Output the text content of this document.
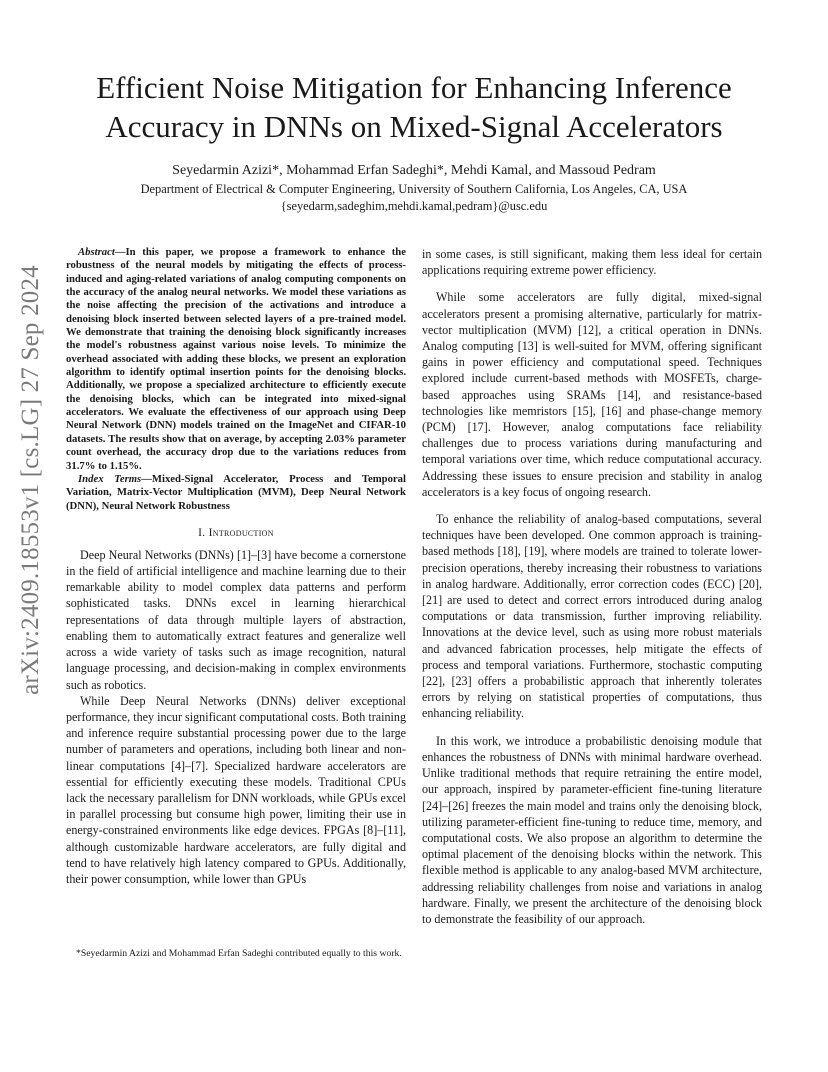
arXiv:2409.18553v1 [cs.LG] 27 Sep 2024
Efficient Noise Mitigation for Enhancing Inference
Accuracy in DNNs on Mixed-Signal Accelerators
Seyedarmin Azizi*, Mohammad Erfan Sadeghi*, Mehdi Kamal, and Massoud Pedram
Department of Electrical & Computer Engineering, University of Southern California, Los Angeles, CA, USA
{seyedarm,sadeghim,mehdi.kamal,pedram}@usc.edu

Abstract—In this paper, we propose a framework to enhance the robustness of the neural models by mitigating the effects of process-induced and aging-related variations of analog computing components on the accuracy of the analog neural networks. We model these variations as the noise affecting the precision of the activations and introduce a denoising block inserted between selected layers of a pre-trained model. We demonstrate that training the denoising block significantly increases the model's robustness against various noise levels. To minimize the overhead associated with adding these blocks, we present an exploration algorithm to identify optimal insertion points for the denoising blocks. Additionally, we propose a specialized architecture to efficiently execute the denoising blocks, which can be integrated into mixed-signal accelerators. We evaluate the effectiveness of our approach using Deep Neural Network (DNN) models trained on the ImageNet and CIFAR-10 datasets. The results show that on average, by accepting 2.03% parameter count overhead, the accuracy drop due to the variations reduces from 31.7% to 1.15%.

Index Terms—Mixed-Signal Accelerator, Process and Temporal Variation, Matrix-Vector Multiplication (MVM), Deep Neural Network (DNN), Neural Network Robustness

I. Introduction

Deep Neural Networks (DNNs) [1]–[3] have become a cornerstone in the field of artificial intelligence and machine learning due to their remarkable ability to model complex data patterns and perform sophisticated tasks. DNNs excel in learning hierarchical representations of data through multiple layers of abstraction, enabling them to automatically extract features and generalize well across a wide variety of tasks such as image recognition, natural language processing, and decision-making in complex environments such as robotics.

While Deep Neural Networks (DNNs) deliver exceptional performance, they incur significant computational costs. Both training and inference require substantial processing power due to the large number of parameters and operations, including both linear and non-linear computations [4]–[7]. Specialized hardware accelerators are essential for efficiently executing these models. Traditional CPUs lack the necessary parallelism for DNN workloads, while GPUs excel in parallel processing but consume high power, limiting their use in energy-constrained environments like edge devices. FPGAs [8]–[11], although customizable hardware accelerators, are fully digital and tend to have relatively high latency compared to GPUs. Additionally, their power consumption, while lower than GPUs

*Seyedarmin Azizi and Mohammad Erfan Sadeghi contributed equally to this work.

in some cases, is still significant, making them less ideal for certain applications requiring extreme power efficiency.

While some accelerators are fully digital, mixed-signal accelerators present a promising alternative, particularly for matrix-vector multiplication (MVM) [12], a critical operation in DNNs. Analog computing [13] is well-suited for MVM, offering significant gains in power efficiency and computational speed. Techniques explored include current-based methods with MOSFETs, charge-based approaches using SRAMs [14], and resistance-based technologies like memristors [15], [16] and phase-change memory (PCM) [17]. However, analog computations face reliability challenges due to process variations during manufacturing and temporal variations over time, which reduce computational accuracy. Addressing these issues to ensure precision and stability in analog accelerators is a key focus of ongoing research.

To enhance the reliability of analog-based computations, several techniques have been developed. One common approach is training-based methods [18], [19], where models are trained to tolerate lower-precision operations, thereby increasing their robustness to variations in analog hardware. Additionally, error correction codes (ECC) [20], [21] are used to detect and correct errors introduced during analog computations or data transmission, further improving reliability. Innovations at the device level, such as using more robust materials and advanced fabrication processes, help mitigate the effects of process and temporal variations. Furthermore, stochastic computing [22], [23] offers a probabilistic approach that inherently tolerates errors by relying on statistical properties of computations, thus enhancing reliability.

In this work, we introduce a probabilistic denoising module that enhances the robustness of DNNs with minimal hardware overhead. Unlike traditional methods that require retraining the entire model, our approach, inspired by parameter-efficient fine-tuning literature [24]–[26] freezes the main model and trains only the denoising block, utilizing parameter-efficient fine-tuning to reduce time, memory, and computational costs. We also propose an algorithm to determine the optimal placement of the denoising blocks within the network. This flexible method is applicable to any analog-based MVM architecture, addressing reliability challenges from noise and variations in analog hardware. Finally, we present the architecture of the denoising block to demonstrate the feasibility of our approach.
